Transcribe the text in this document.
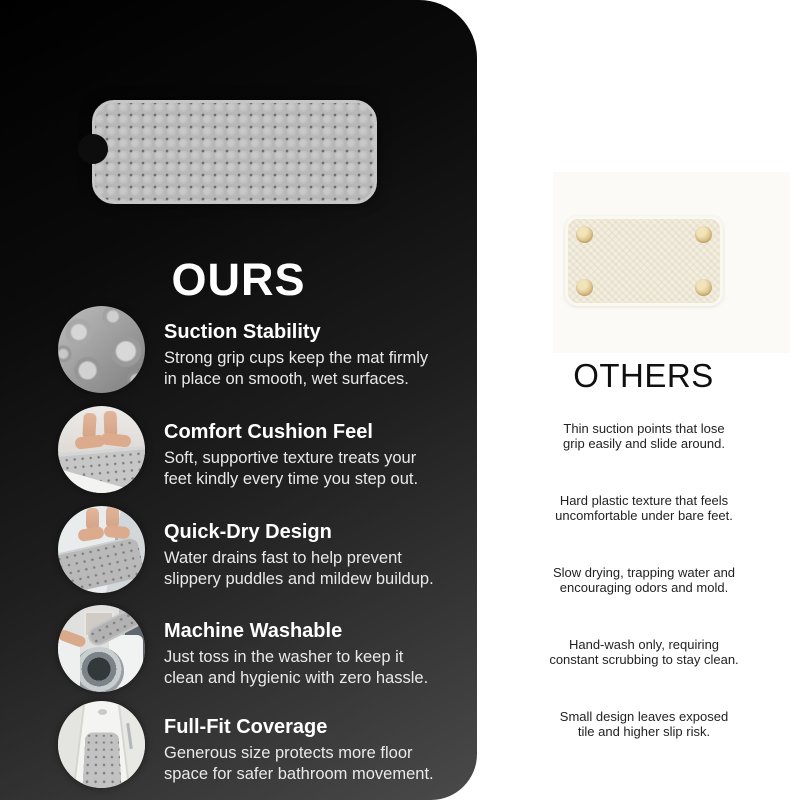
OURS
Suction Stability
Strong grip cups keep the mat firmly
in place on smooth, wet surfaces.
Comfort Cushion Feel
Soft, supportive texture treats your
feet kindly every time you step out.
Quick-Dry Design
Water drains fast to help prevent
slippery puddles and mildew buildup.
Machine Washable
Just toss in the washer to keep it
clean and hygienic with zero hassle.
Full-Fit Coverage
Generous size protects more floor
space for safer bathroom movement.
OTHERS
Thin suction points that lose
grip easily and slide around.
Hard plastic texture that feels
uncomfortable under bare feet.
Slow drying, trapping water and
encouraging odors and mold.
Hand-wash only, requiring
constant scrubbing to stay clean.
Small design leaves exposed
tile and higher slip risk.
